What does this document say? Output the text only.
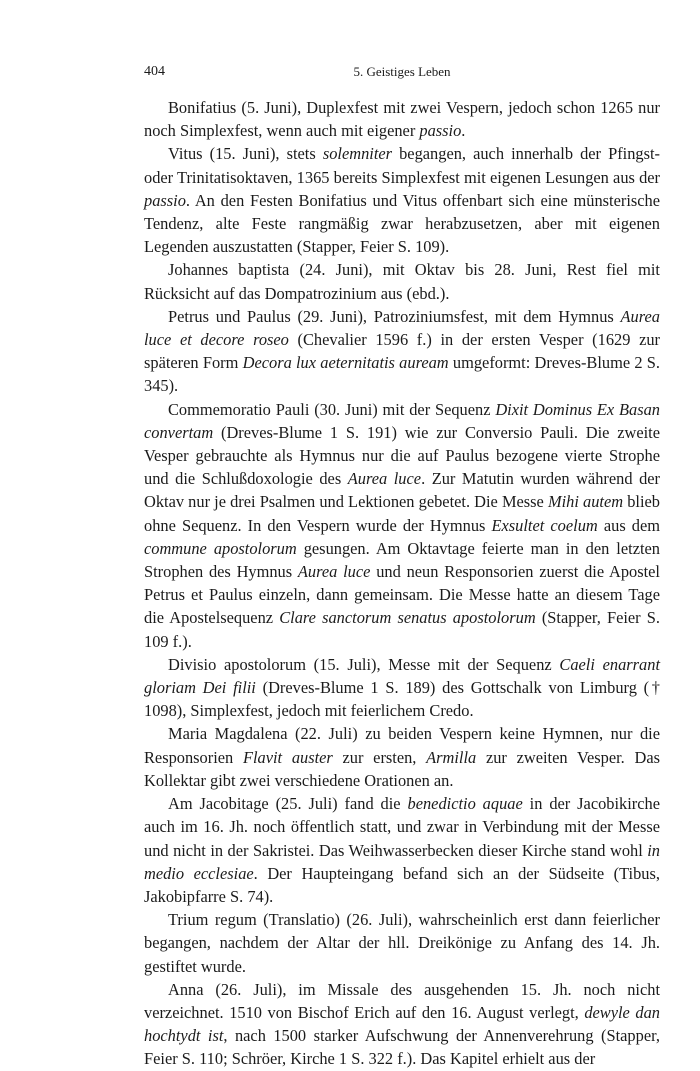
404	5. Geistiges Leben

Bonifatius (5. Juni), Duplexfest mit zwei Vespern, jedoch schon 1265 nur noch Simplexfest, wenn auch mit eigener passio.

Vitus (15. Juni), stets solemniter begangen, auch innerhalb der Pfingst- oder Trinitatisoktaven, 1365 bereits Simplexfest mit eigenen Lesungen aus der passio. An den Festen Bonifatius und Vitus offenbart sich eine münsterische Tendenz, alte Feste rangmäßig zwar herabzusetzen, aber mit eigenen Legenden auszustatten (Stapper, Feier S. 109).

Johannes baptista (24. Juni), mit Oktav bis 28. Juni, Rest fiel mit Rücksicht auf das Dompatrozinium aus (ebd.).

Petrus und Paulus (29. Juni), Patroziniumsfest, mit dem Hymnus Aurea luce et decore roseo (Chevalier 1596 f.) in der ersten Vesper (1629 zur späteren Form Decora lux aeternitatis auream umgeformt: Dreves-Blume 2 S. 345).

Commemoratio Pauli (30. Juni) mit der Sequenz Dixit Dominus Ex Basan convertam (Dreves-Blume 1 S. 191) wie zur Conversio Pauli. Die zweite Vesper gebrauchte als Hymnus nur die auf Paulus bezogene vierte Strophe und die Schlußdoxologie des Aurea luce. Zur Matutin wurden während der Oktav nur je drei Psalmen und Lektionen gebetet. Die Messe Mihi autem blieb ohne Sequenz. In den Vespern wurde der Hymnus Exsultet coelum aus dem commune apostolorum gesungen. Am Oktavtage feierte man in den letzten Strophen des Hymnus Aurea luce und neun Responsorien zuerst die Apostel Petrus et Paulus einzeln, dann gemeinsam. Die Messe hatte an diesem Tage die Apostelsequenz Clare sanctorum senatus apostolorum (Stapper, Feier S. 109 f.).

Divisio apostolorum (15. Juli), Messe mit der Sequenz Caeli enarrant gloriam Dei filii (Dreves-Blume 1 S. 189) des Gottschalk von Limburg († 1098), Simplexfest, jedoch mit feierlichem Credo.

Maria Magdalena (22. Juli) zu beiden Vespern keine Hymnen, nur die Responsorien Flavit auster zur ersten, Armilla zur zweiten Vesper. Das Kollektar gibt zwei verschiedene Orationen an.

Am Jacobitage (25. Juli) fand die benedictio aquae in der Jacobikirche auch im 16. Jh. noch öffentlich statt, und zwar in Verbindung mit der Messe und nicht in der Sakristei. Das Weihwasserbecken dieser Kirche stand wohl in medio ecclesiae. Der Haupteingang befand sich an der Südseite (Tibus, Jakobipfarre S. 74).

Trium regum (Translatio) (26. Juli), wahrscheinlich erst dann feierlicher begangen, nachdem der Altar der hll. Dreikönige zu Anfang des 14. Jh. gestiftet wurde.

Anna (26. Juli), im Missale des ausgehenden 15. Jh. noch nicht verzeichnet. 1510 von Bischof Erich auf den 16. August verlegt, dewyle dan hochtydt ist, nach 1500 starker Aufschwung der Annenverehrung (Stapper, Feier S. 110; Schröer, Kirche 1 S. 322 f.). Das Kapitel erhielt aus der
